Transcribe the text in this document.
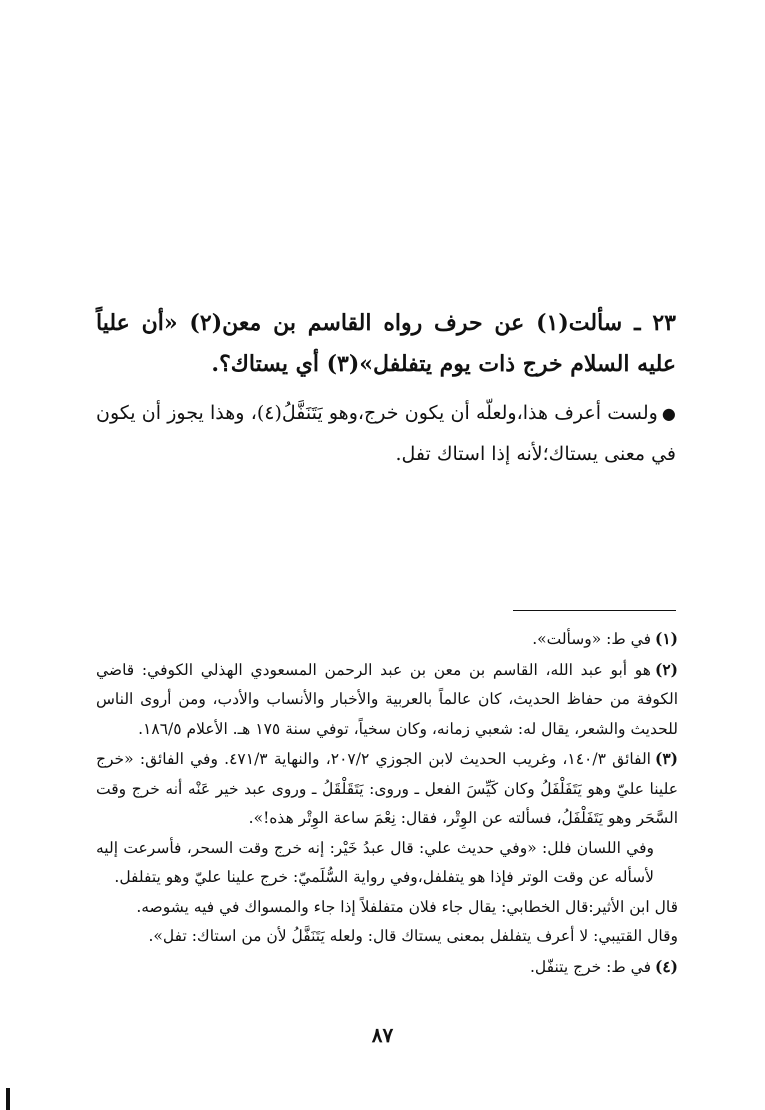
٢٣ ـ سألت(١) عن حرف رواه القاسم بن معن(٢) «أن علياً عليه السلام خرج ذات يوم يتفلفل»(٣) أي يستاك؟.

●ولست أعرف هذا،ولعلّه أن يكون خرج،وهو يَتَنَفَّلُ(٤)، وهذا يجوز أن يكون في معنى يستاك؛لأنه إذا استاك تفل.

(١)في ط: «وسألت».

(٢)هو أبو عبد الله، القاسم بن معن بن عبد الرحمن المسعودي الهذلي الكوفي: قاضي الكوفة من حفاظ الحديث، كان عالماً بالعربية والأخبار والأنساب والأدب، ومن أروى الناس للحديث والشعر، يقال له: شعبي زمانه، وكان سخياً، توفي سنة ١٧٥ هـ. الأعلام ١٨٦/٥.

(٣)الفائق ١٤٠/٣، وغريب الحديث لابن الجوزي ٢٠٧/٢، والنهاية ٤٧١/٣. وفي الفائق: «خرج علينا عليّ وهو يَتَفَلْفَلُ وكان كَيِّسَ الفعل ـ وروى: يَتَقَلْقَلُ ـ وروى عبد خير عَنْه أنه خرج وقت السَّحَر وهو يَتَفَلْفَلُ، فسألته عن الوِتْر، فقال: نِعْمَ ساعة الوِتْر هذه!».

وفي اللسان فلل: «وفي حديث علي: قال عبدُ خَيْر: إنه خرج وقت السحر، فأسرعت إليه لأسأله عن وقت الوتر فإذا هو يتفلفل،وفي رواية السُّلَميّ: خرج علينا عليّ وهو يتفلفل.

قال ابن الأثير:قال الخطابي: يقال جاء فلان متفلفلاً إذا جاء والمسواك في فيه يشوصه.

وقال القتيبي: لا أعرف يتفلفل بمعنى يستاك قال: ولعله يَتَنَفَّلُ لأن من استاك: تفل».

(٤)في ط: خرج يتنفّل.

٨٧
